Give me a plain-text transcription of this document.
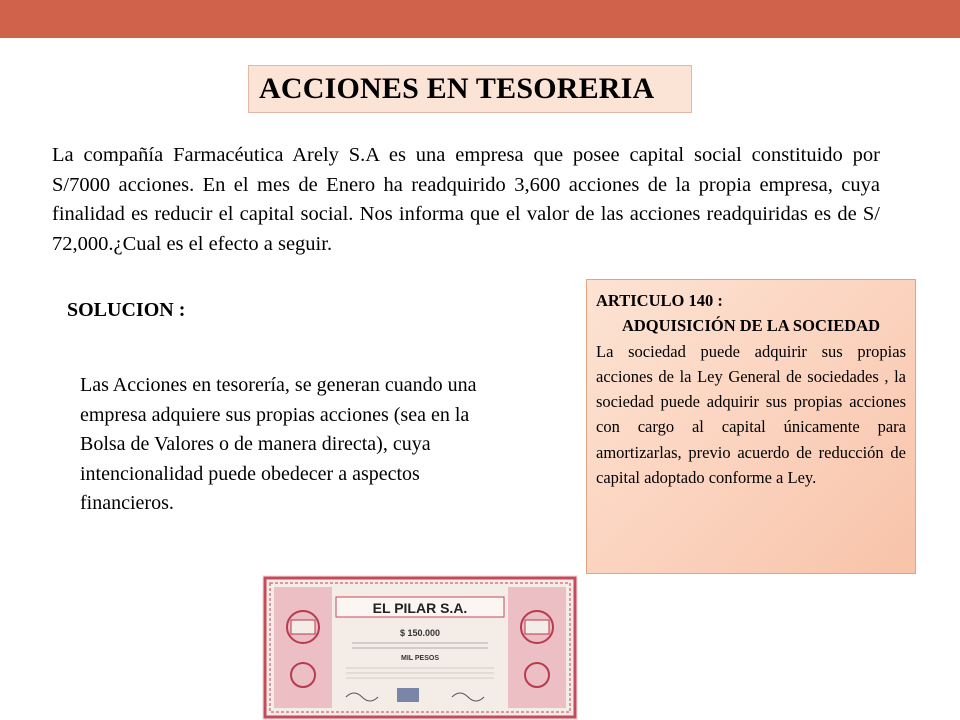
ACCIONES EN TESORERIA

La compañía Farmacéutica Arely S.A es una empresa que posee capital social constituido por S/7000 acciones. En el mes de Enero ha readquirido 3,600 acciones de la propia empresa, cuya finalidad es reducir el capital social. Nos informa que el valor de las acciones readquiridas es de S/ 72,000.¿Cual es el efecto a seguir.

SOLUCION :

Las Acciones en tesorería, se generan cuando una empresa adquiere sus propias acciones (sea en la Bolsa de Valores o de manera directa), cuya intencionalidad puede obedecer a aspectos financieros.

ARTICULO 140 :
ADQUISICIÓN DE LA SOCIEDAD

La sociedad puede adquirir sus propias acciones de la Ley General de sociedades , la sociedad puede adquirir sus propias acciones con cargo al capital únicamente para amortizarlas, previo acuerdo de reducción de capital adoptado conforme a Ley.

EL PILAR S.A.
$ 150.000
MIL PESOS
